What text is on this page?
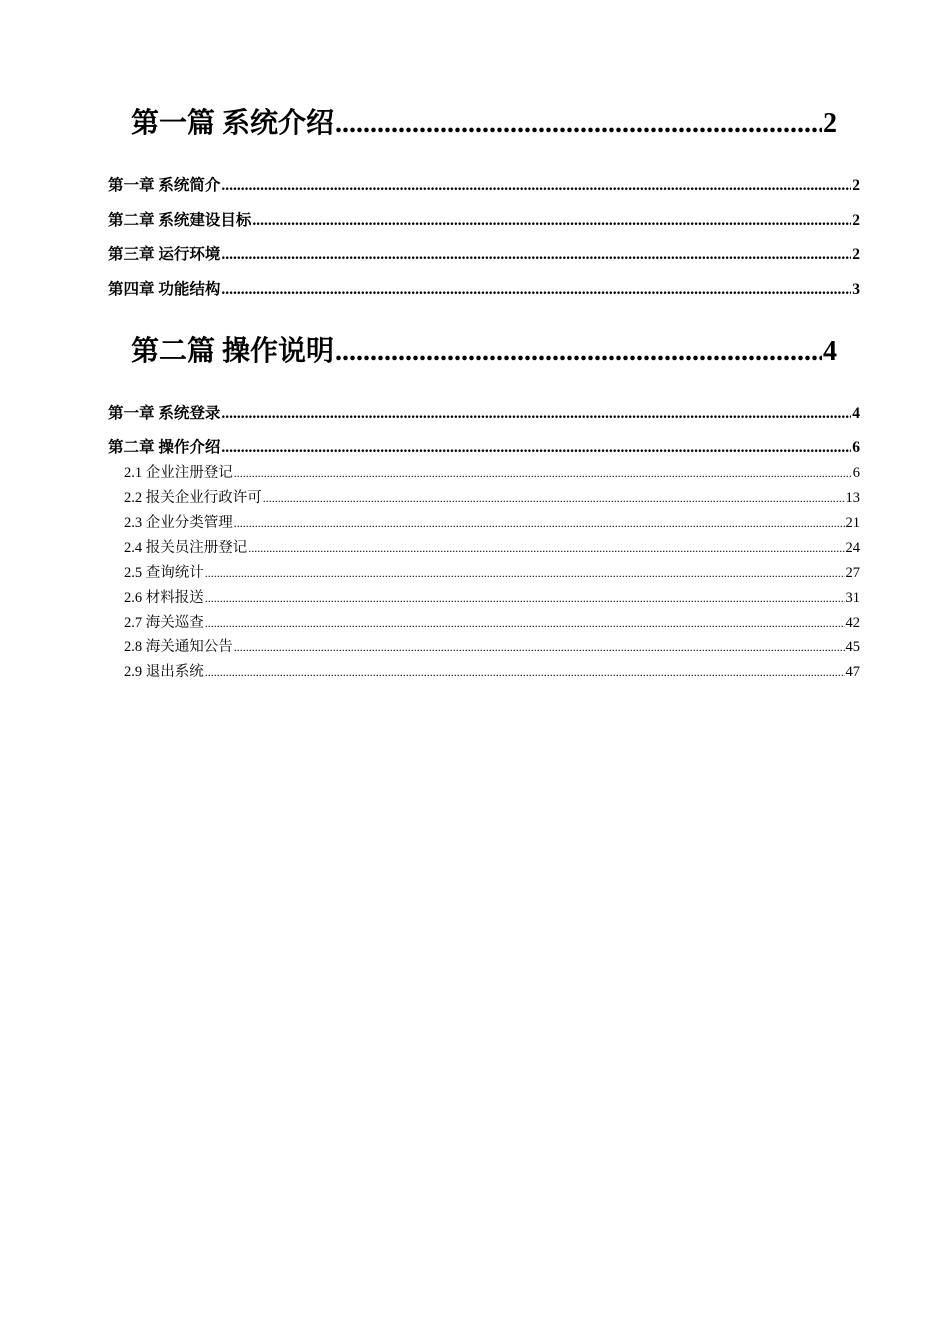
第一篇 系统介绍 .....	2
第一章 系统简介 .....	2
第二章 系统建设目标 .....	2
第三章 运行环境 .....	2
第四章 功能结构 .....	3
第二篇 操作说明 .....	4
第一章 系统登录 .....	4
第二章 操作介绍 .....	6
2.1 企业注册登记 .....	6
2.2 报关企业行政许可 .....	13
2.3 企业分类管理 .....	21
2.4 报关员注册登记 .....	24
2.5 查询统计 .....	27
2.6 材料报送 .....	31
2.7 海关巡查 .....	42
2.8 海关通知公告 .....	45
2.9 退出系统 .....	47
